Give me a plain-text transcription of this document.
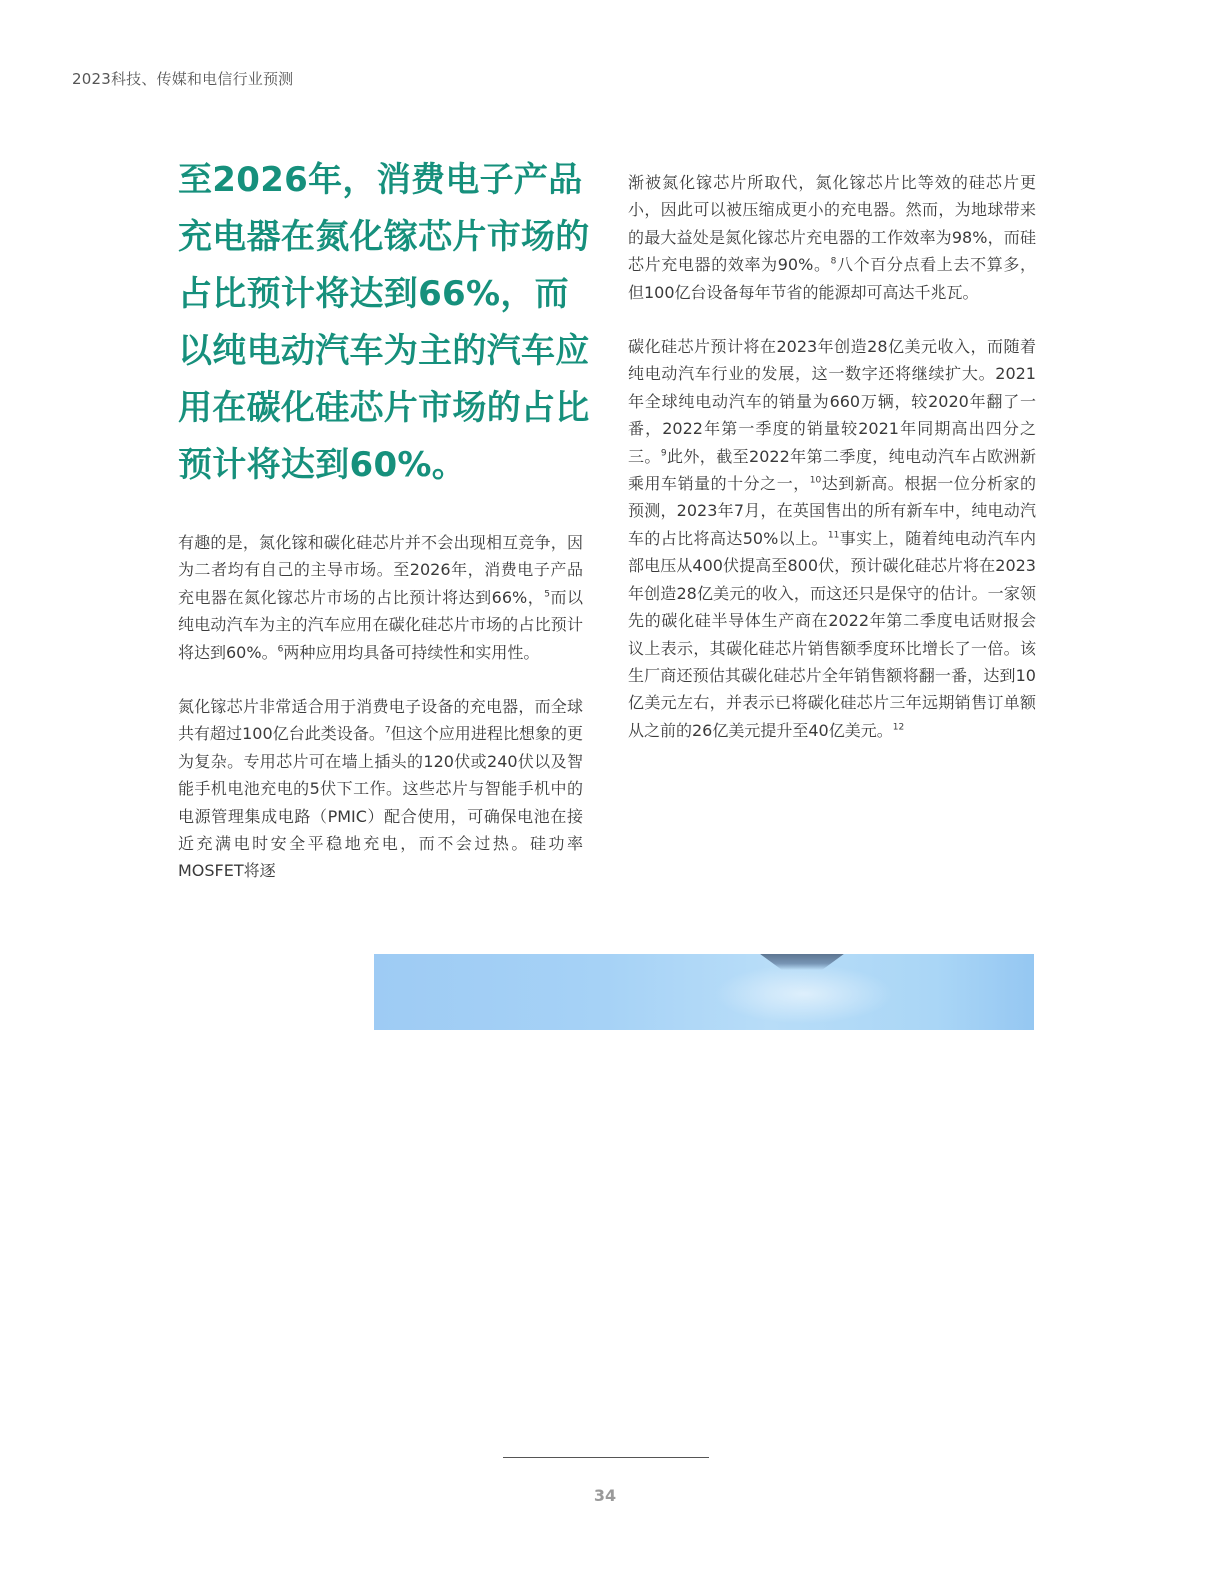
2023科技、传媒和电信行业预测
至2026年，消费电子产品充电器在氮化镓芯片市场的占比预计将达到66%，而以纯电动汽车为主的汽车应用在碳化硅芯片市场的占比预计将达到60%。

有趣的是，氮化镓和碳化硅芯片并不会出现相互竞争，因为二者均有自己的主导市场。至2026年，消费电子产品充电器在氮化镓芯片市场的占比预计将达到66%，$^5$而以纯电动汽车为主的汽车应用在碳化硅芯片市场的占比预计将达到60%。$^6$两种应用均具备可持续性和实用性。

氮化镓芯片非常适合用于消费电子设备的充电器，而全球共有超过100亿台此类设备。$^7$但这个应用进程比想象的更为复杂。专用芯片可在墙上插头的120伏或240伏以及智能手机电池充电的5伏下工作。这些芯片与智能手机中的电源管理集成电路（PMIC）配合使用，可确保电池在接近充满电时安全平稳地充电，而不会过热。硅功率MOSFET将逐

渐被氮化镓芯片所取代，氮化镓芯片比等效的硅芯片更小，因此可以被压缩成更小的充电器。然而，为地球带来的最大益处是氮化镓芯片充电器的工作效率为98%，而硅芯片充电器的效率为90%。$^8$八个百分点看上去不算多，但100亿台设备每年节省的能源却可高达千兆瓦。

碳化硅芯片预计将在2023年创造28亿美元收入，而随着纯电动汽车行业的发展，这一数字还将继续扩大。2021年全球纯电动汽车的销量为660万辆，较2020年翻了一番，2022年第一季度的销量较2021年同期高出四分之三。$^9$此外，截至2022年第二季度，纯电动汽车占欧洲新乘用车销量的十分之一，$^{10}$达到新高。根据一位分析家的预测，2023年7月，在英国售出的所有新车中，纯电动汽车的占比将高达50%以上。$^{11}$事实上，随着纯电动汽车内部电压从400伏提高至800伏，预计碳化硅芯片将在2023年创造28亿美元的收入，而这还只是保守的估计。一家领先的碳化硅半导体生产商在2022年第二季度电话财报会议上表示，其碳化硅芯片销售额季度环比增长了一倍。该生厂商还预估其碳化硅芯片全年销售额将翻一番，达到10亿美元左右，并表示已将碳化硅芯片三年远期销售订单额从之前的26亿美元提升至40亿美元。$^{12}$

34
